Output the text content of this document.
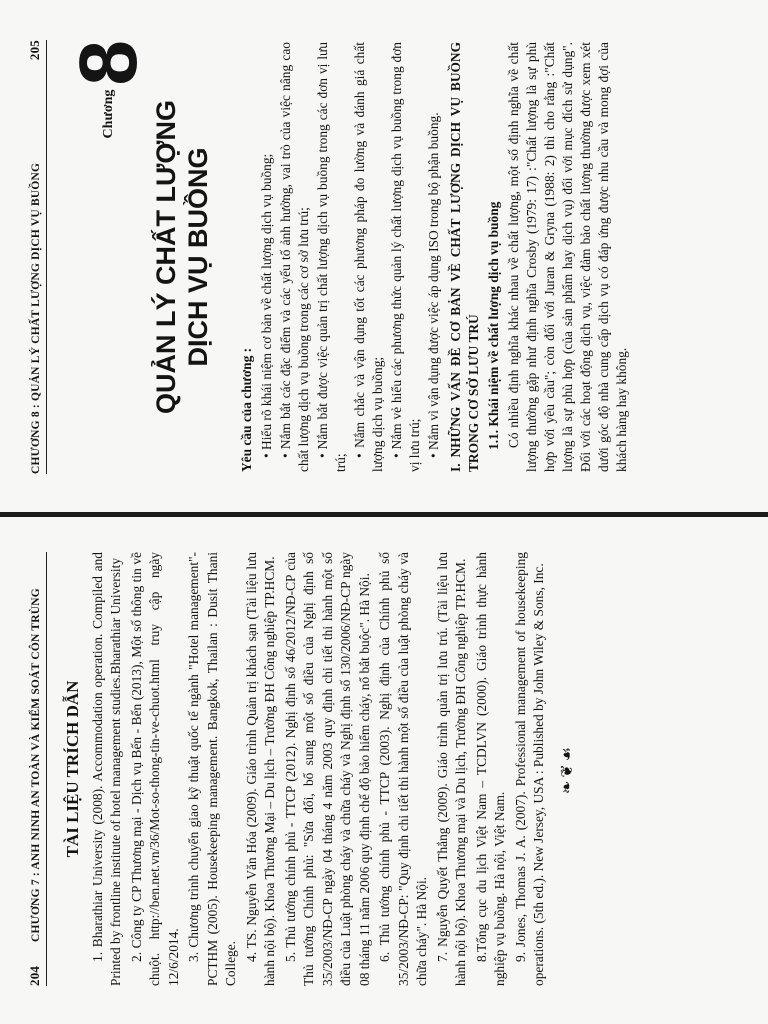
204
CHƯƠNG 7 : ANH NINH AN TOÀN VÀ KIỂM SOÁT CÔN TRÙNG TÀI LIỆU TRÍCH DẪN 1. Bharathiar University (2008). Accommodation operation. Compiled and Printed by frontline institute of hotel management studies.Bharathiar University 2. Công ty CP Thương mại - Dịch vụ Bến - Bến (2013), Một số thông tin về chuột. http://ben.net.vn/36/Mot-so-thong-tin-ve-chuot.html truy cập ngày 12/6/2014. 3. Chương trình chuyển giao kỹ thuật quốc tế ngành "Hotel management"- PCTHM (2005). Housekeeping management. Bangkok, Thailan : Dusit Thani College.

4. TS. Nguyễn Văn Hóa (2009). Giáo trình Quản trị khách sạn (Tài liệu lưu hành nội bộ). Khoa Thương Mại – Du lịch – Trường ĐH Công nghiệp TP.HCM. 5. Thủ tướng chính phủ - TTCP (2012). Nghị định số 46/2012/NĐ-CP của Thủ tướng Chính phủ: "Sửa đổi, bổ sung một số điều của Nghị định số 35/2003/NĐ-CP ngày 04 tháng 4 năm 2003 quy định chi tiết thi hành một số điều của Luật phòng cháy và chữa cháy và Nghị định số 130/2006/NĐ-CP ngày 08 tháng 11 năm 2006 quy định chế độ bảo hiểm cháy, nổ bắt buộc". Hà Nội. 6. Thủ tướng chính phủ - TTCP (2003). Nghị định của Chính phủ số 35/2003/NĐ-CP: "Quy định chi tiết thi hành một số điều của luật phòng cháy và chữa cháy". Hà Nội. 7. Nguyễn Quyết Thắng (2009). Giáo trình quản trị lưu trú. (Tài liệu lưu hành nội bộ). Khoa Thương mại và Du lịch, Trường ĐH Công nghiệp TP.HCM. 8.Tổng cục du lịch Việt Nam – TCDLVN (2000). Giáo trình thực hành nghiệp vụ buồng. Hà nội, Việt Nam. 9. Jones, Thomas J. A. (2007). Professional management of housekeeping operations. (5th ed.). New Jersey, USA : Published by John Wiley & Sons, Inc. ❧❦☙
CHƯƠNG 8 : QUẢN LÝ CHẤT LƯỢNG DỊCH VỤ BUỒNG
205
Chương 8
QUẢN LÝ CHẤT LƯỢNG DỊCH VỤ BUỒNG
Yêu cầu của chương : • Hiểu rõ khái niệm cơ bản về chất lượng dịch vụ buồng; • Nắm bắt các đặc điểm và các yếu tố ảnh hưởng, vai trò của việc nâng cao chất lượng dịch vụ buồng trong các cơ sở lưu trú; • Nắm bắt được việc quản trị chất lượng dịch vụ buồng trong các đơn vị lưu trú;

• Nắm chắc và vận dụng tốt các phương pháp đo lường và đánh giá chất lượng dịch vụ buồng; • Nắm vẻ hiểu các phương thức quản lý chất lượng dịch vụ buồng trong đơn vị lưu trú; • Nắm vì vận dụng được việc áp dụng ISO trong bộ phận buồng. I. NHỮNG VẤN ĐỀ CƠ BẢN VỀ CHẤT LƯỢNG DỊCH VỤ BUỒNG TRONG CƠ SỞ LƯU TRÚ 1.1. Khái niệm về chất lượng dịch vụ buồng Có nhiều định nghĩa khác nhau về chất lượng, một số định nghĩa về chất lượng thường gặp như định nghĩa Crosby (1979: 17) :"Chất lượng là sự phù hợp với yêu cầu"; còn đối với Juran & Gryna (1988: 2) thì cho rằng :"Chất lượng là sự phù hợp (của sản phẩm hay dịch vụ) đối với mục đích sử dụng". Đối với các hoạt động dịch vụ, việc đảm bảo chất lượng thường được xem xét dưới góc độ nhà cung cấp dịch vụ có đáp ứng được nhu cầu và mong đợi của khách hàng hay không.
